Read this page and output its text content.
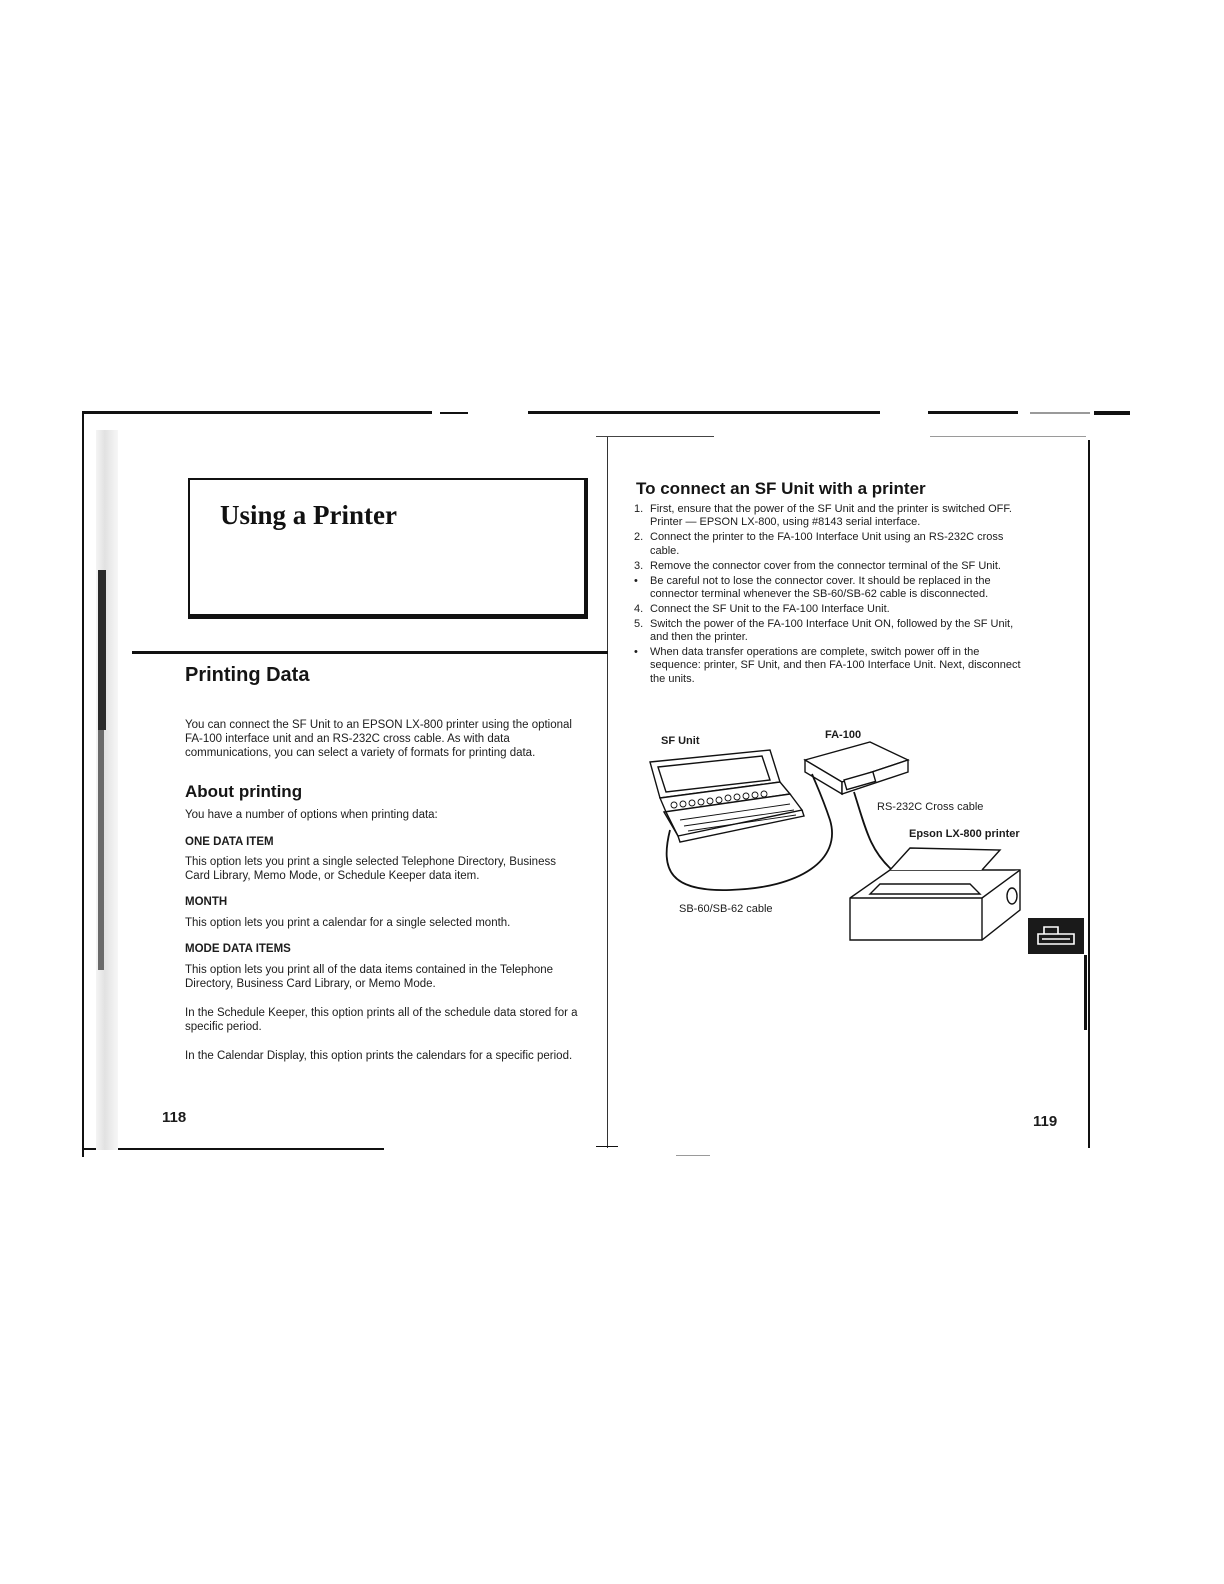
Using a Printer
Printing Data

You can connect the SF Unit to an EPSON LX-800 printer using the optional FA-100 interface unit and an RS-232C cross cable. As with data communications, you can select a variety of formats for printing data.

About printing

You have a number of options when printing data:

ONE DATA ITEM

This option lets you print a single selected Telephone Directory, Business Card Library, Memo Mode, or Schedule Keeper data item.

MONTH

This option lets you print a calendar for a single selected month.

MODE DATA ITEMS

This option lets you print all of the data items contained in the Telephone Directory, Business Card Library, or Memo Mode.

In the Schedule Keeper, this option prints all of the schedule data stored for a specific period.

In the Calendar Display, this option prints the calendars for a specific period.

118
To connect an SF Unit with a printer
1. First, ensure that the power of the SF Unit and the printer is switched OFF. Printer — EPSON LX-800, using #8143 serial interface.
2. Connect the printer to the FA-100 Interface Unit using an RS-232C cross cable.
3. Remove the connector cover from the connector terminal of the SF Unit.
• Be careful not to lose the connector cover. It should be replaced in the connector terminal whenever the SB-60/SB-62 cable is disconnected.
4. Connect the SF Unit to the FA-100 Interface Unit.
5. Switch the power of the FA-100 Interface Unit ON, followed by the SF Unit, and then the printer.
• When data transfer operations are complete, switch power off in the sequence: printer, SF Unit, and then FA-100 Interface Unit. Next, disconnect the units.
SF Unit	FA-100
RS-232C Cross cable
Epson LX-800 printer
SB-60/SB-62 cable
119
